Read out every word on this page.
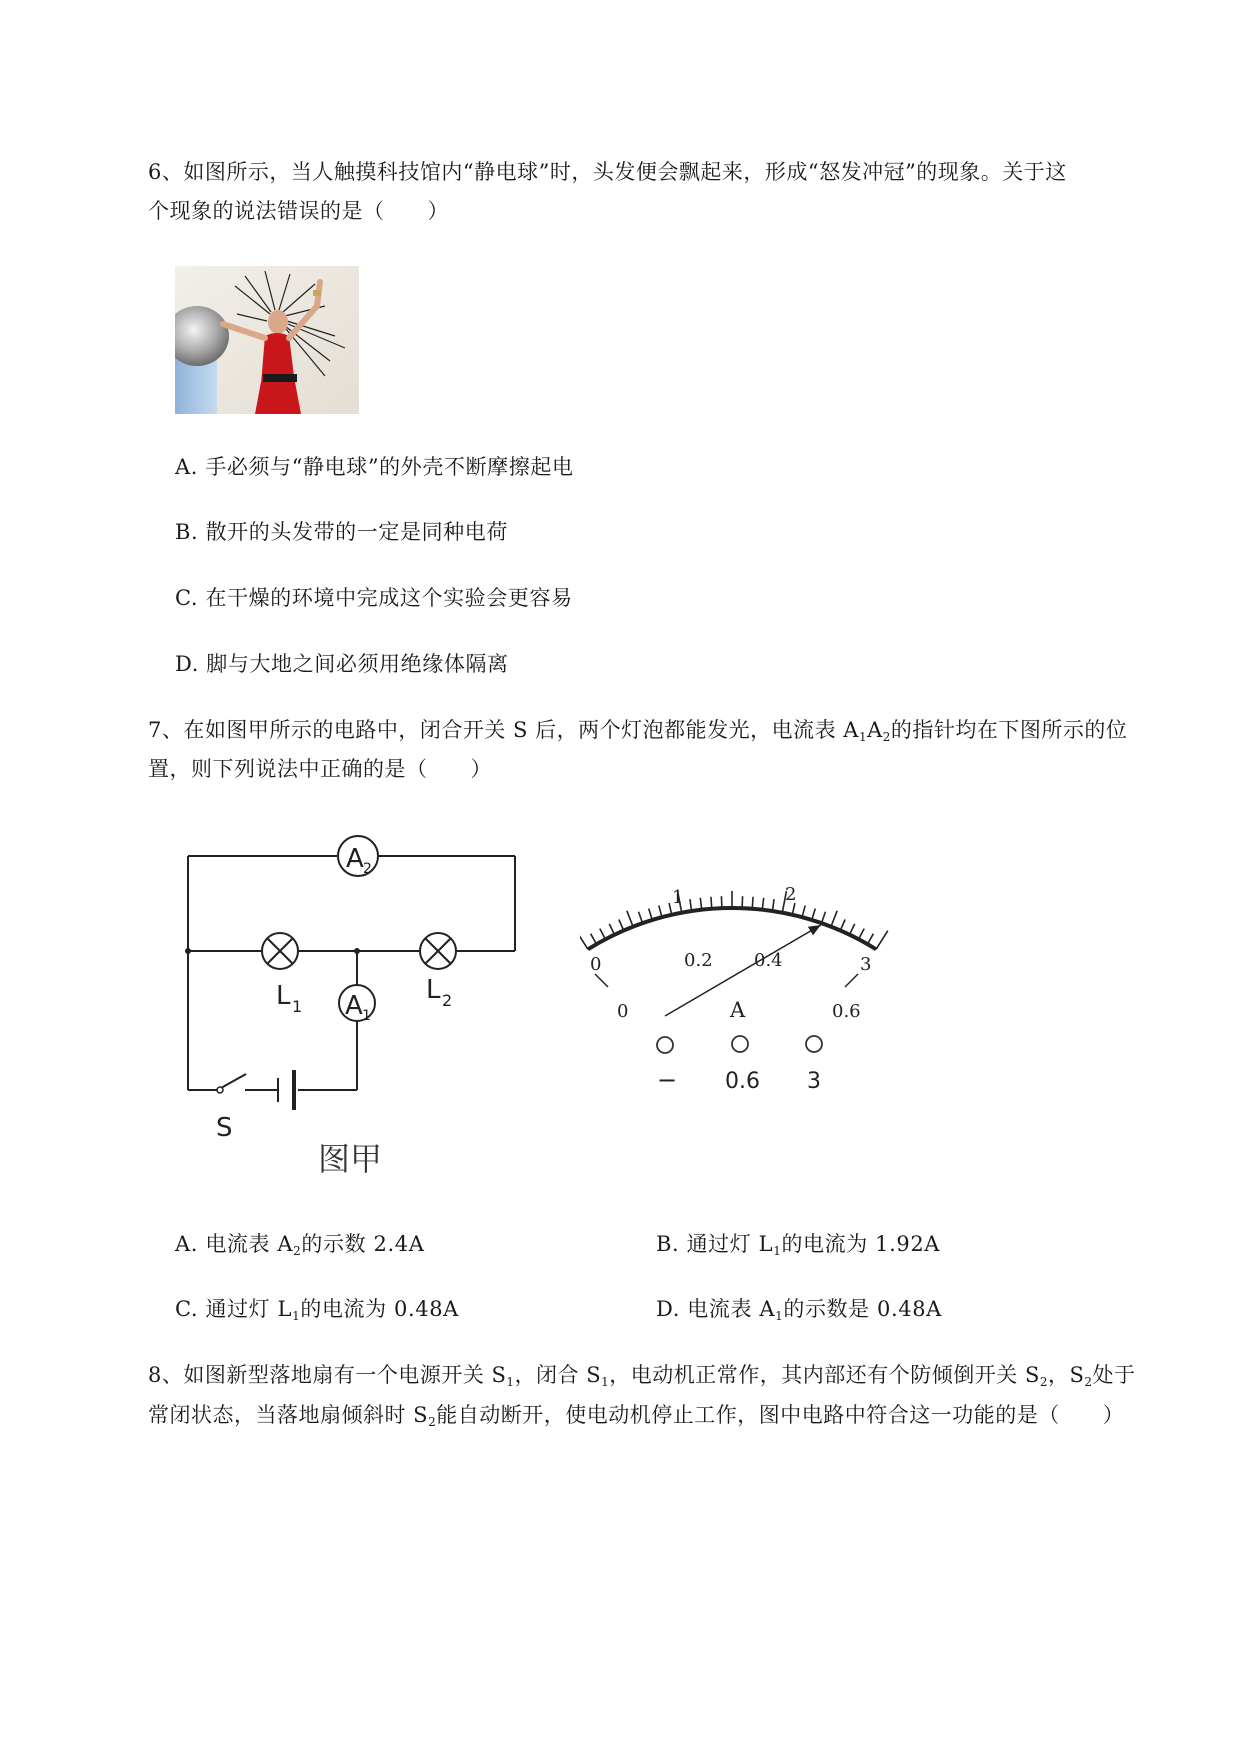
6、如图所示，当人触摸科技馆内“静电球”时，头发便会飘起来，形成“怒发冲冠”的现象。关于这
个现象的说法错误的是（　　）
A. 手必须与“静电球”的外壳不断摩擦起电
B. 散开的头发带的一定是同种电荷
C. 在干燥的环境中完成这个实验会更容易
D. 脚与大地之间必须用绝缘体隔离
7、在如图甲所示的电路中，闭合开关 S 后，两个灯泡都能发光，电流表 $A_1A_2$的指针均在下图所示的位
置，则下列说法中正确的是（　　）
A 2
A 1
L 1
L 2
S
图甲
0
1	2
3
0
0.2 0.4
0.6
A
− 0.6 3
A. 电流表 $A_2$的示数 2.4A	B. 通过灯 $L_1$的电流为 1.92A
C. 通过灯 $L_1$的电流为 0.48A	D. 电流表 $A_1$的示数是 0.48A
8、如图新型落地扇有一个电源开关 $S_1$，闭合 $S_1$，电动机正常作，其内部还有个防倾倒开关 $S_2$，$S_2$处于
常闭状态，当落地扇倾斜时 $S_2$能自动断开，使电动机停止工作，图中电路中符合这一功能的是（　　）
